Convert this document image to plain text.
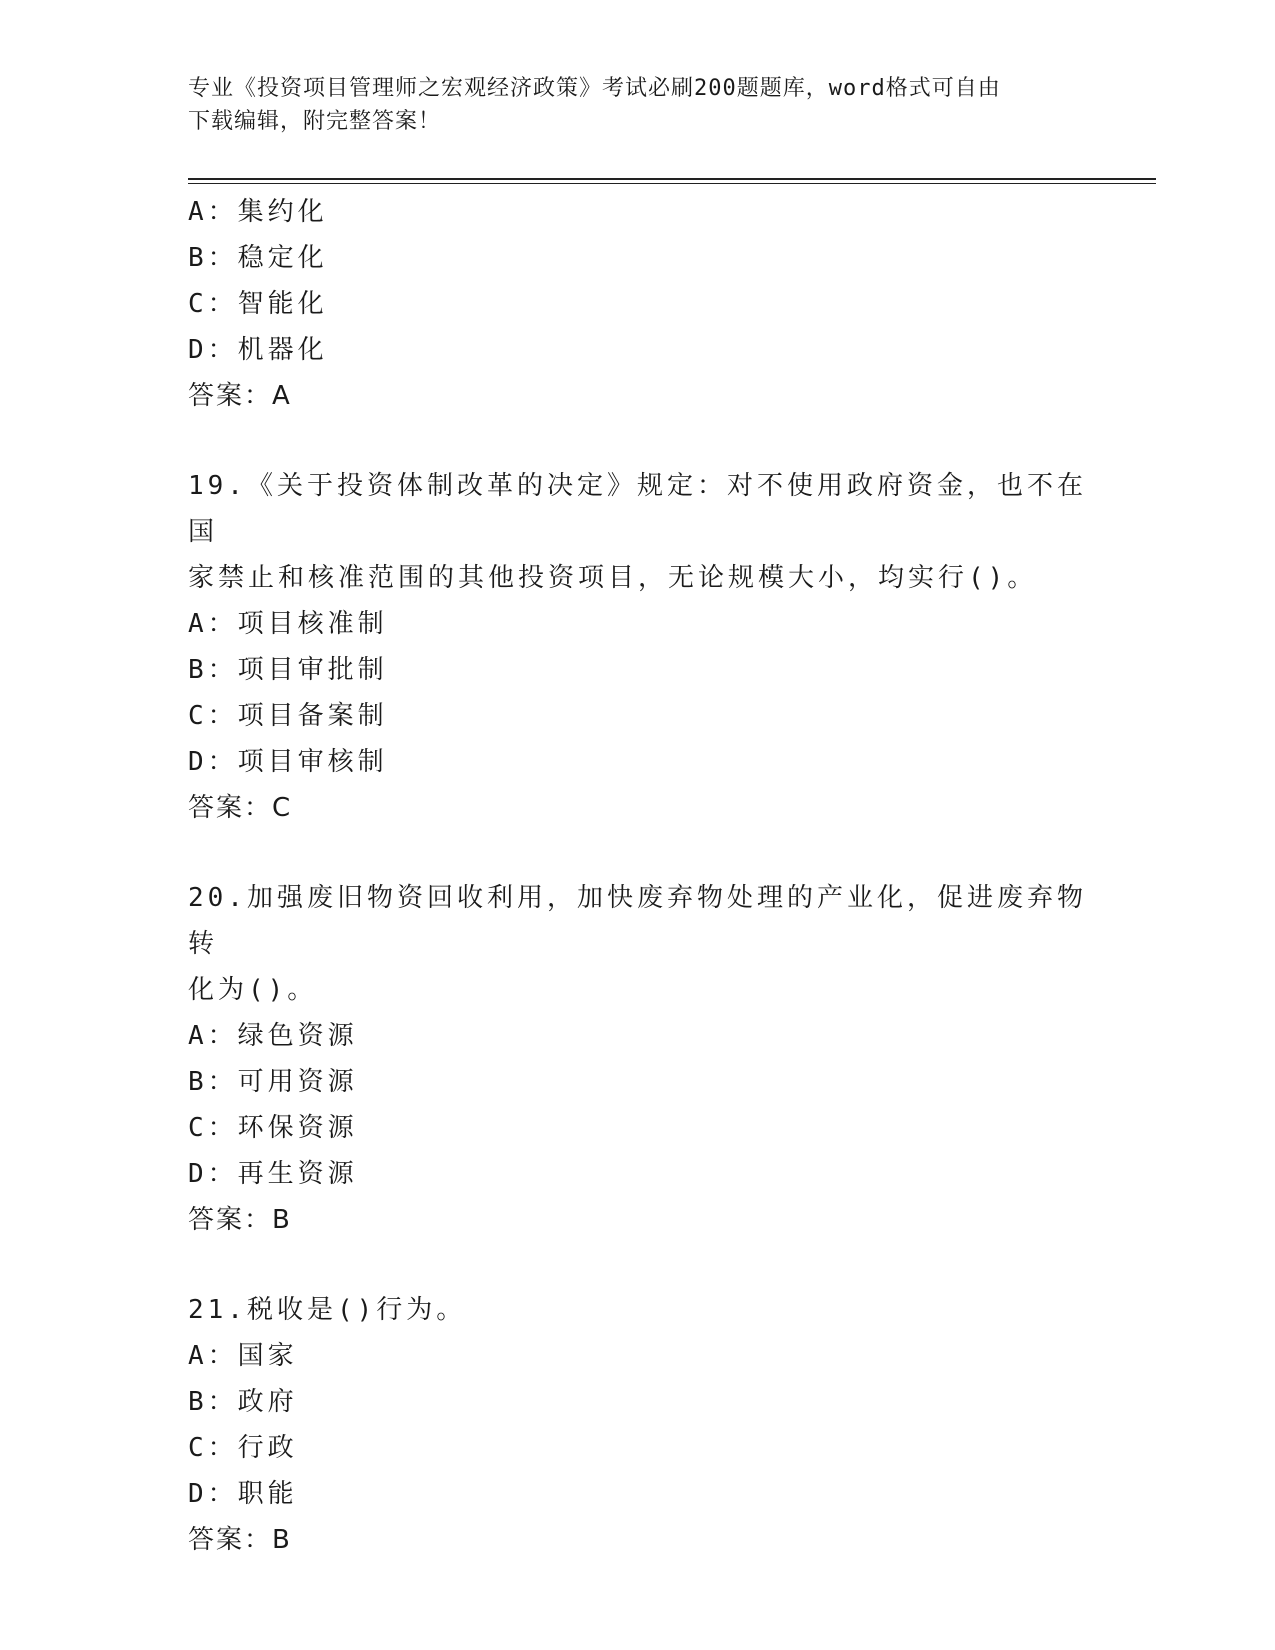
专业《投资项目管理师之宏观经济政策》考试必刷200题题库，word格式可自由
下载编辑，附完整答案！
A：集约化
B：稳定化
C：智能化
D：机器化
答案：A
19.《关于投资体制改革的决定》规定：对不使用政府资金，也不在国
家禁止和核准范围的其他投资项目，无论规模大小，均实行()。
A：项目核准制
B：项目审批制
C：项目备案制
D：项目审核制
答案：C
20.加强废旧物资回收利用，加快废弃物处理的产业化，促进废弃物转
化为()。
A：绿色资源
B：可用资源
C：环保资源
D：再生资源
答案：B
21.税收是()行为。
A：国家
B：政府
C：行政
D：职能
答案：B
